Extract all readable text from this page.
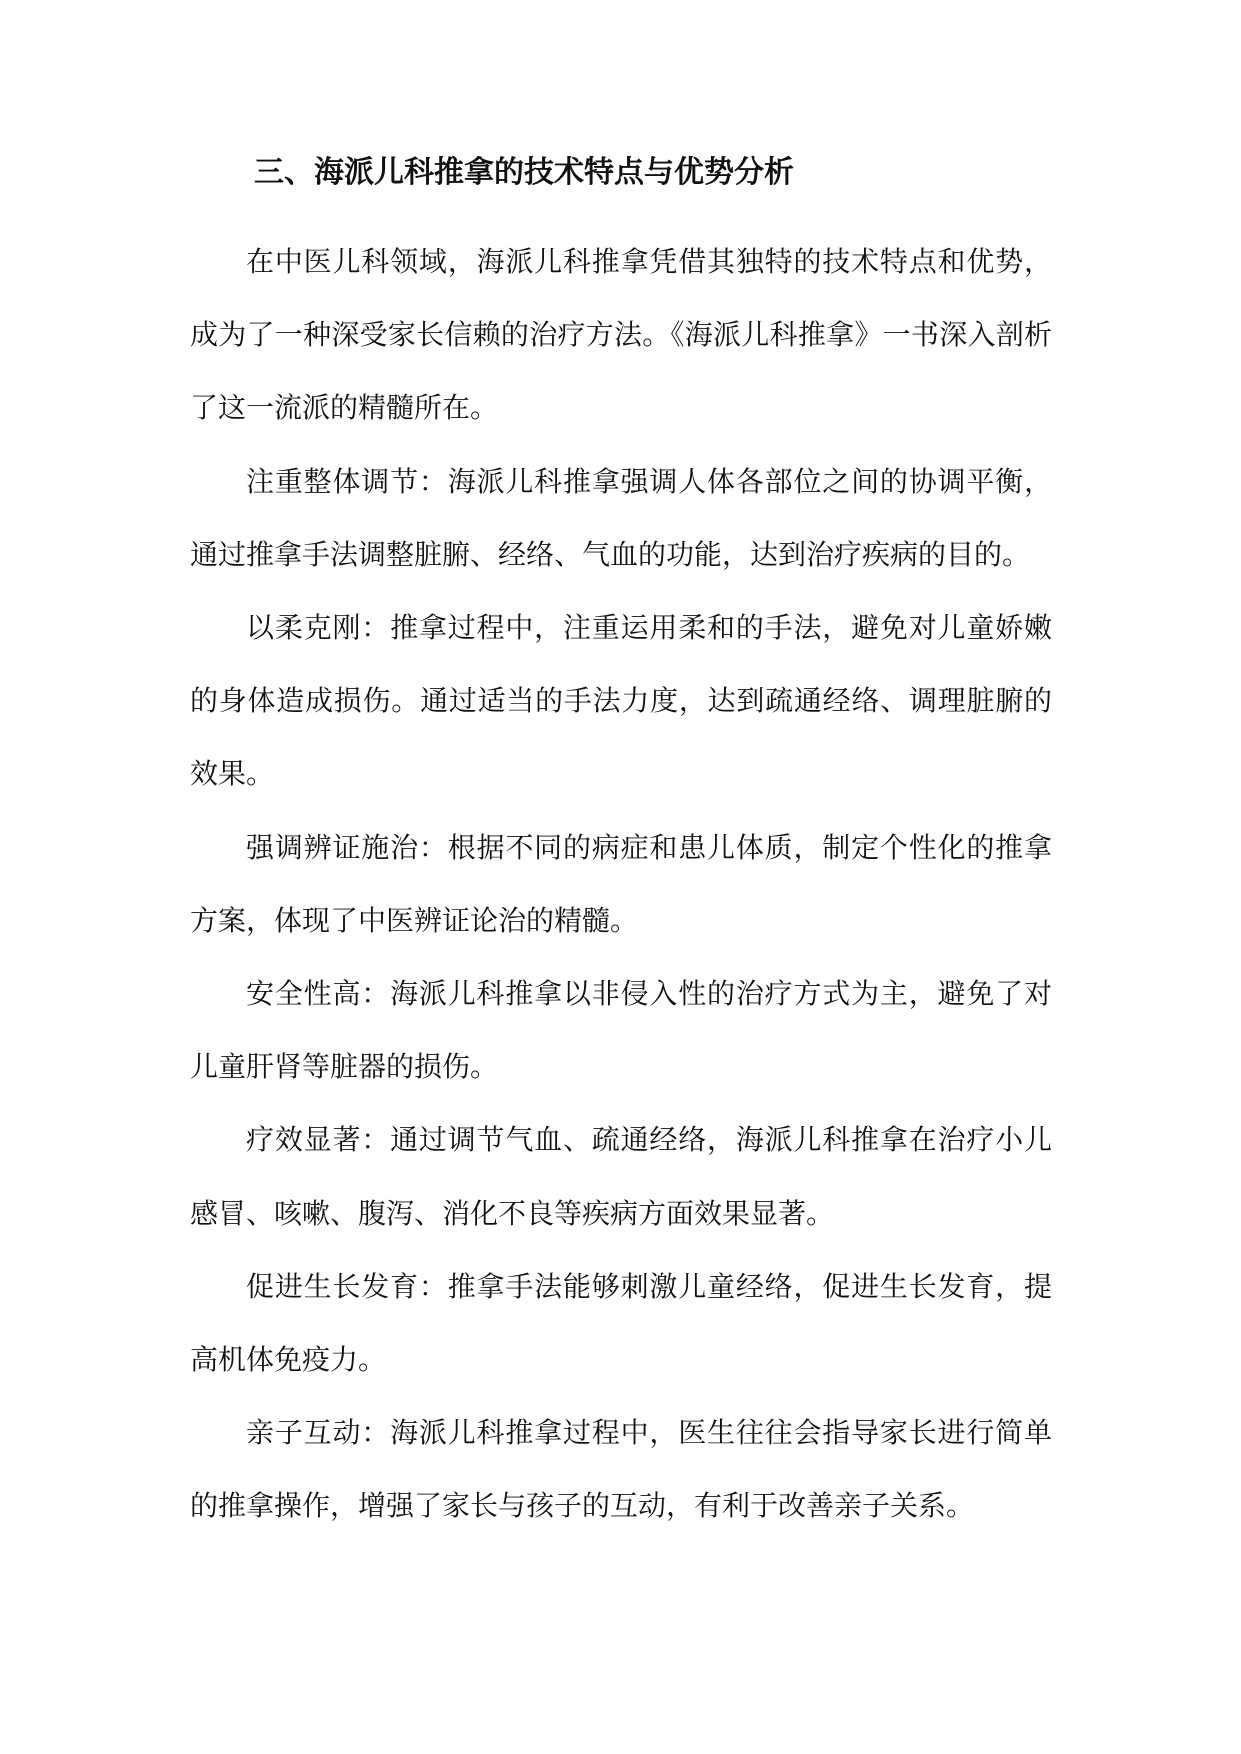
三、海派儿科推拿的技术特点与优势分析

在中医儿科领域，海派儿科推拿凭借其独特的技术特点和优势，成为了一种深受家长信赖的治疗方法。《海派儿科推拿》一书深入剖析了这一流派的精髓所在。

注重整体调节：海派儿科推拿强调人体各部位之间的协调平衡，通过推拿手法调整脏腑、经络、气血的功能，达到治疗疾病的目的。

以柔克刚：推拿过程中，注重运用柔和的手法，避免对儿童娇嫩的身体造成损伤。通过适当的手法力度，达到疏通经络、调理脏腑的效果。

强调辨证施治：根据不同的病症和患儿体质，制定个性化的推拿方案，体现了中医辨证论治的精髓。

安全性高：海派儿科推拿以非侵入性的治疗方式为主，避免了对儿童肝肾等脏器的损伤。

疗效显著：通过调节气血、疏通经络，海派儿科推拿在治疗小儿感冒、咳嗽、腹泻、消化不良等疾病方面效果显著。

促进生长发育：推拿手法能够刺激儿童经络，促进生长发育，提高机体免疫力。

亲子互动：海派儿科推拿过程中，医生往往会指导家长进行简单的推拿操作，增强了家长与孩子的互动，有利于改善亲子关系。
